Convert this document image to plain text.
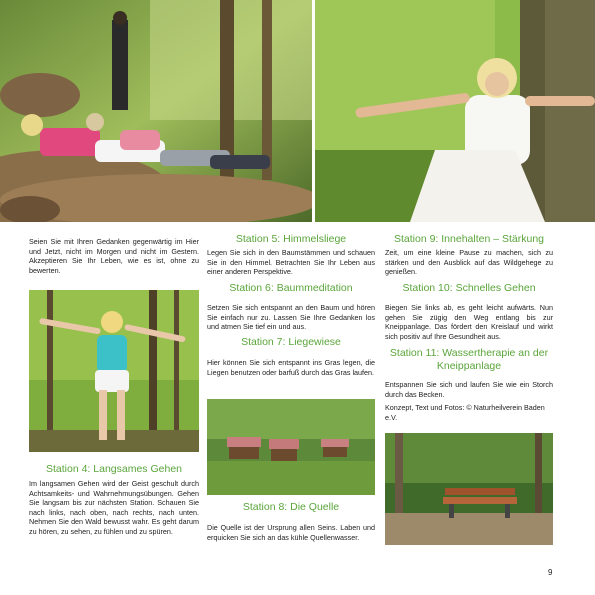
Seien Sie mit Ihren Gedanken gegenwärtig im Hier und Jetzt, nicht im Morgen und nicht im Gestern. Akzeptieren Sie Ihr Leben, wie es ist, ohne zu bewerten.

Station 4: Langsames Gehen

Im langsamen Gehen wird der Geist geschult durch Achtsamkeits- und Wahrnehmungsübungen. Gehen Sie langsam bis zur nächsten Station. Schauen Sie nach links, nach oben, nach rechts, nach unten. Nehmen Sie den Wald bewusst wahr. Es geht darum zu hören, zu sehen, zu fühlen und zu spüren.

Station 5: Himmelsliege

Legen Sie sich in den Baumstämmen und schauen Sie in den Himmel. Betrachten Sie Ihr Leben aus einer anderen Perspektive.

Station 6: Baummeditation

Setzen Sie sich entspannt an den Baum und hören Sie einfach nur zu. Lassen Sie Ihre Gedanken los und atmen Sie tief ein und aus.

Station 7: Liegewiese

Hier können Sie sich entspannt ins Gras legen, die Liegen benutzen oder barfuß durch das Gras laufen.

Station 8: Die Quelle

Die Quelle ist der Ursprung allen Seins. Laben und erquicken Sie sich an das kühle Quellenwasser.

Station 9: Innehalten – Stärkung

Zeit, um eine kleine Pause zu machen, sich zu stärken und den Ausblick auf das Wildgehege zu genießen.

Station 10: Schnelles Gehen

Biegen Sie links ab, es geht leicht aufwärts. Nun gehen Sie zügig den Weg entlang bis zur Kneippanlage. Das fördert den Kreislauf und wirkt sich positiv auf Ihre Gesundheit aus.

Station 11: Wassertherapie an der Kneippanlage

Entspannen Sie sich und laufen Sie wie ein Storch durch das Becken.

Konzept, Text und Fotos: © Naturheilverein Baden e.V.

9
